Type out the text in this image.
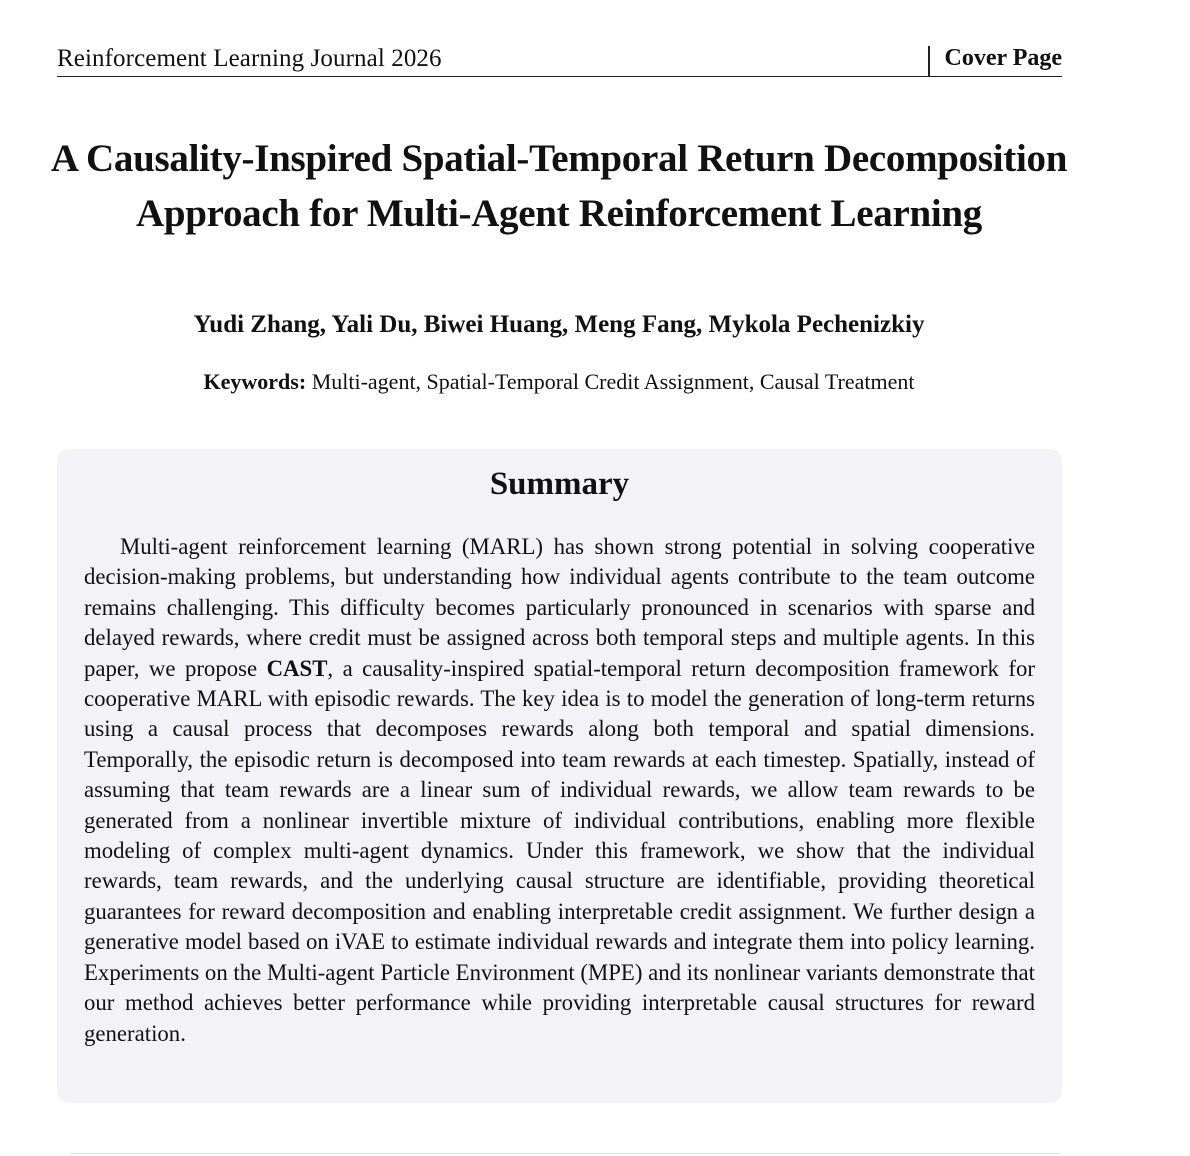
Reinforcement Learning Journal 2026	Cover Page
A Causality-Inspired Spatial-Temporal Return Decomposition Approach for Multi-Agent Reinforcement Learning
Yudi Zhang, Yali Du, Biwei Huang, Meng Fang, Mykola Pechenizkiy
Keywords: Multi-agent, Spatial-Temporal Credit Assignment, Causal Treatment
Summary
Multi-agent reinforcement learning (MARL) has shown strong potential in solving cooperative decision-making problems, but understanding how individual agents contribute to the team outcome remains challenging. This difficulty becomes particularly pronounced in scenarios with sparse and delayed rewards, where credit must be assigned across both temporal steps and multiple agents. In this paper, we propose CAST, a causality-inspired spatial-temporal return decomposition framework for cooperative MARL with episodic rewards. The key idea is to model the generation of long-term returns using a causal process that decomposes rewards along both temporal and spatial dimensions. Temporally, the episodic return is decomposed into team rewards at each timestep. Spatially, instead of assuming that team rewards are a linear sum of individual rewards, we allow team rewards to be generated from a nonlinear invertible mixture of individual contributions, enabling more flexible modeling of complex multi-agent dynamics. Under this framework, we show that the individual rewards, team rewards, and the underlying causal structure are identifiable, providing theoretical guarantees for reward decomposition and enabling interpretable credit assignment. We further design a generative model based on iVAE to estimate individual rewards and integrate them into policy learning. Experiments on the Multi-agent Particle Environment (MPE) and its nonlinear variants demonstrate that our method achieves better performance while providing interpretable causal structures for reward generation.
